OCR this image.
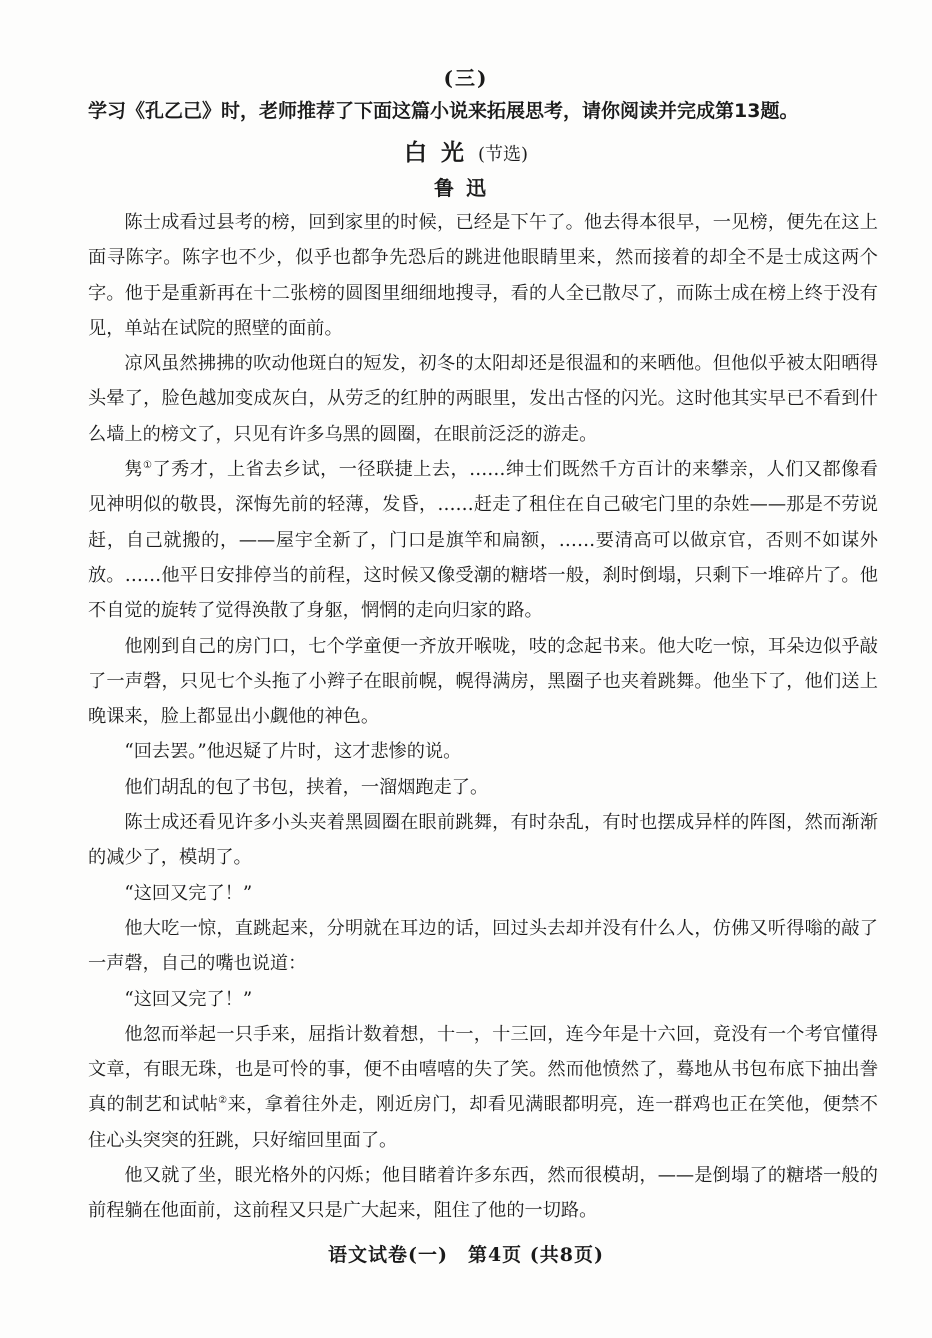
(三)
学习《孔乙己》时，老师推荐了下面这篇小说来拓展思考，请你阅读并完成第13题。
白光(节选)
鲁迅

陈士成看过县考的榜，回到家里的时候，已经是下午了。他去得本很早，一见榜，便先在这上面寻陈字。陈字也不少，似乎也都争先恐后的跳进他眼睛里来，然而接着的却全不是士成这两个字。他于是重新再在十二张榜的圆图里细细地搜寻，看的人全已散尽了，而陈士成在榜上终于没有见，单站在试院的照壁的面前。

凉风虽然拂拂的吹动他斑白的短发，初冬的太阳却还是很温和的来晒他。但他似乎被太阳晒得头晕了，脸色越加变成灰白，从劳乏的红肿的两眼里，发出古怪的闪光。这时他其实早已不看到什么墙上的榜文了，只见有许多乌黑的圆圈，在眼前泛泛的游走。

隽①了秀才，上省去乡试，一径联捷上去，……绅士们既然千方百计的来攀亲，人们又都像看见神明似的敬畏，深悔先前的轻薄，发昏，……赶走了租住在自己破宅门里的杂姓——那是不劳说赶，自己就搬的，——屋宇全新了，门口是旗竿和扁额，……要清高可以做京官，否则不如谋外放。……他平日安排停当的前程，这时候又像受潮的糖塔一般，刹时倒塌，只剩下一堆碎片了。他不自觉的旋转了觉得涣散了身躯，惘惘的走向归家的路。

他刚到自己的房门口，七个学童便一齐放开喉咙，吱的念起书来。他大吃一惊，耳朵边似乎敲了一声磬，只见七个头拖了小辫子在眼前幌，幌得满房，黑圈子也夹着跳舞。他坐下了，他们送上晚课来，脸上都显出小觑他的神色。

“回去罢。”他迟疑了片时，这才悲惨的说。

他们胡乱的包了书包，挟着，一溜烟跑走了。

陈士成还看见许多小头夹着黑圆圈在眼前跳舞，有时杂乱，有时也摆成异样的阵图，然而渐渐的减少了，模胡了。

“这回又完了！”

他大吃一惊，直跳起来，分明就在耳边的话，回过头去却并没有什么人，仿佛又听得嗡的敲了一声磬，自己的嘴也说道：

“这回又完了！”

他忽而举起一只手来，屈指计数着想，十一，十三回，连今年是十六回，竟没有一个考官懂得文章，有眼无珠，也是可怜的事，便不由嘻嘻的失了笑。然而他愤然了，蓦地从书包布底下抽出誊真的制艺和试帖②来，拿着往外走，刚近房门，却看见满眼都明亮，连一群鸡也正在笑他，便禁不住心头突突的狂跳，只好缩回里面了。

他又就了坐，眼光格外的闪烁；他目睹着许多东西，然而很模胡，——是倒塌了的糖塔一般的前程躺在他面前，这前程又只是广大起来，阻住了他的一切路。

语文试卷(一)　第4页 (共8页)
